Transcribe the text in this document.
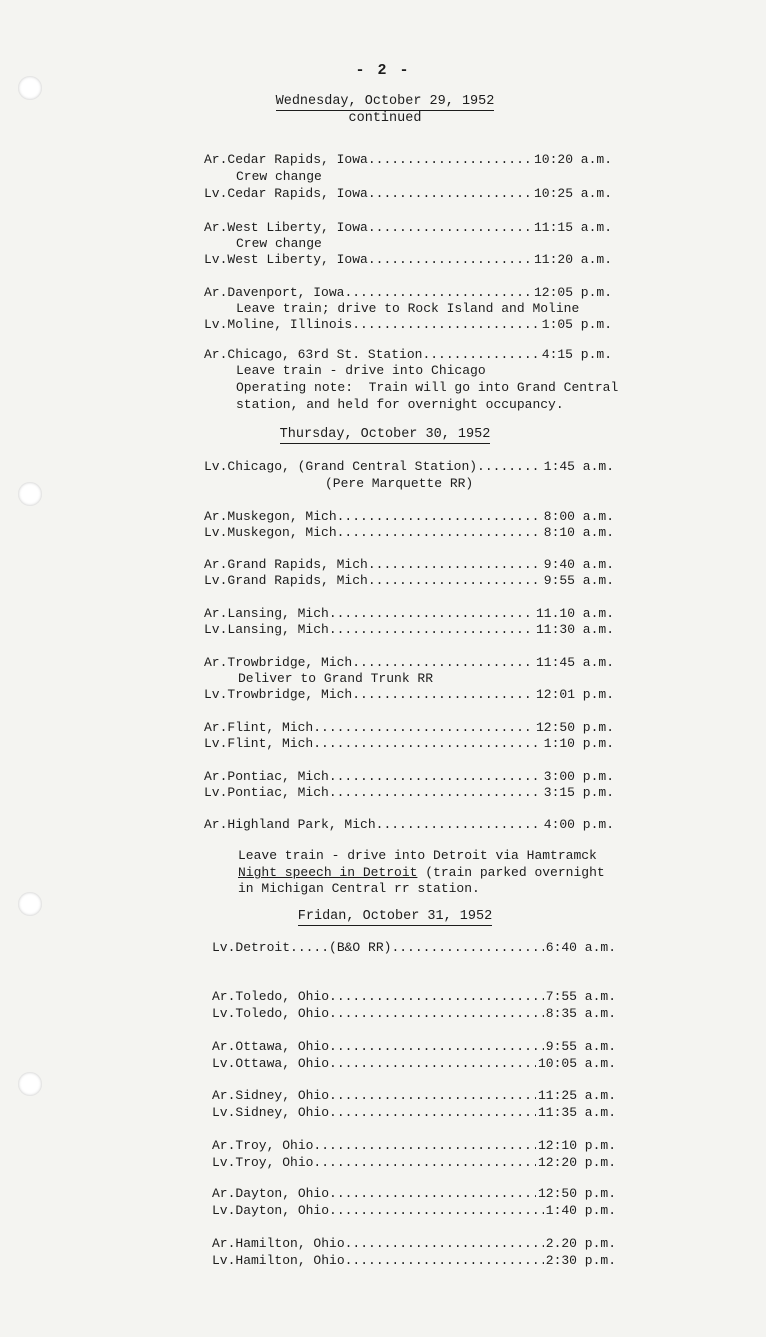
- 2 -
Wednesday, October 29, 1952
continued
Ar. Cedar Rapids, Iowa .....	10:20 a.m.
Crew change
Lv. Cedar Rapids, Iowa .....	10:25 a.m.
Ar. West Liberty, Iowa .....	11:15 a.m.
Crew change
Lv. West Liberty, Iowa .....	11:20 a.m.
Ar. Davenport, Iowa .....	12:05 p.m.
Leave train; drive to Rock Island and Moline
Lv. Moline, Illinois .....	1:05 p.m.
Ar. Chicago, 63rd St. Station .....	4:15 p.m.
Leave train - drive into Chicago
Operating note:  Train will go into Grand Central
station, and held for overnight occupancy.
Thursday, October 30, 1952
Lv. Chicago, (Grand Central Station) .....	1:45 a.m.
(Pere Marquette RR)
Ar. Muskegon, Mich .....	8:00 a.m.
Lv. Muskegon, Mich .....	8:10 a.m.
Ar. Grand Rapids, Mich .....	9:40 a.m.
Lv. Grand Rapids, Mich .....	9:55 a.m.
Ar. Lansing, Mich .....	11.10 a.m.
Lv. Lansing, Mich .....	11:30 a.m.
Ar. Trowbridge, Mich .....	11:45 a.m.
Deliver to Grand Trunk RR
Lv. Trowbridge, Mich .....	12:01 p.m.
Ar. Flint, Mich .....	12:50 p.m.
Lv. Flint, Mich .....	1:10 p.m.
Ar. Pontiac, Mich .....	3:00 p.m.
Lv. Pontiac, Mich .....	3:15 p.m.
Ar. Highland Park, Mich .....	4:00 p.m.
Leave train - drive into Detroit via Hamtramck
Night speech in Detroit (train parked overnight
in Michigan Central rr station.
Fridan, October 31, 1952
Lv. Detroit.....(B&O RR) .....	6:40 a.m.
Ar. Toledo, Ohio .....	7:55 a.m.
Lv. Toledo, Ohio .....	8:35 a.m.
Ar. Ottawa, Ohio .....	9:55 a.m.
Lv. Ottawa, Ohio .....	10:05 a.m.
Ar. Sidney, Ohio .....	11:25 a.m.
Lv. Sidney, Ohio .....	11:35 a.m.
Ar. Troy, Ohio .....	12:10 p.m.
Lv. Troy, Ohio .....	12:20 p.m.
Ar. Dayton, Ohio .....	12:50 p.m.
Lv. Dayton, Ohio .....	1:40 p.m.
Ar. Hamilton, Ohio .....	2.20 p.m.
Lv. Hamilton, Ohio .....	2:30 p.m.
